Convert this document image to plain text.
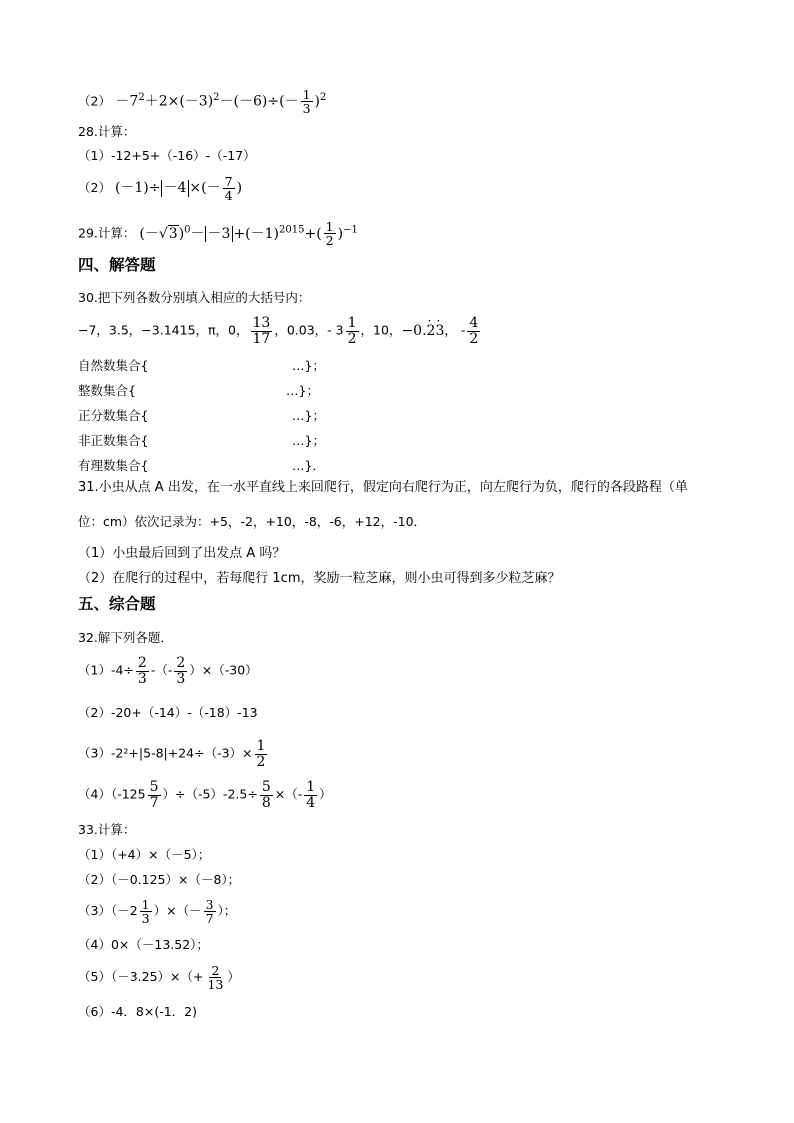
$(2) -7^2+2\times(-3)^2-(-6)\div(- \frac{1}{3} )^2$
28.计算：
（1）-12+5+（-16）-（-17）
（2） (－1)÷ －4 ×(－ $\frac{7}{4}$ )
29.计算： $(-√3)^0- -3 +(-1)^{2015}+( \frac{1}{2} )^{-1}$
四、解答题
30.把下列各数分别填入相应的大括号内：
−7，3.5，−3.1415，π，0， $\frac{13}{17}$ ，0.03，- $3 \frac{1}{2}$ ，10，−0.· 2· 3， - $\frac{4}{2}$
自然数集合{	…}；
整数集合{	…}；
正分数集合{	…}；
非正数集合{	…}；
有理数集合{	…}．
31.小虫从点 A 出发，在一水平直线上来回爬行，假定向右爬行为正，向左爬行为负，爬行的各段路程（单
位：cm）依次记录为：+5，-2，+10，-8，-6，+12，-10．
（1）小虫最后回到了出发点 A 吗？
（2）在爬行的过程中，若每爬行 1cm，奖励一粒芝麻，则小虫可得到多少粒芝麻？
五、综合题
32.解下列各题．
$(1)-4\div \frac{2}{3}$ -（- $\frac{2}{3} )\times(-30)$
（2）-20+（-14）-（-18）-13
$(3)-2^2+|5-8|+24\div(-3)\times \frac{1}{2}$
$(4)(-125 \frac{5}{7} )\div(-5)-2.5\div \frac{5}{8}$ ×（- $\frac{1}{4}$ ）
33.计算：
（1）（+4）×（－5）；
（2）（－0.125）×（－8）；
$(3)(-2 \frac{1}{3}$ ）×（－ $\frac{3}{7}$ ）；
（4）0×（－13.52）；
$(5)(-3.25)\times(+ \frac{2}{13}$ ）
（6）-4．8×(-1．2)
